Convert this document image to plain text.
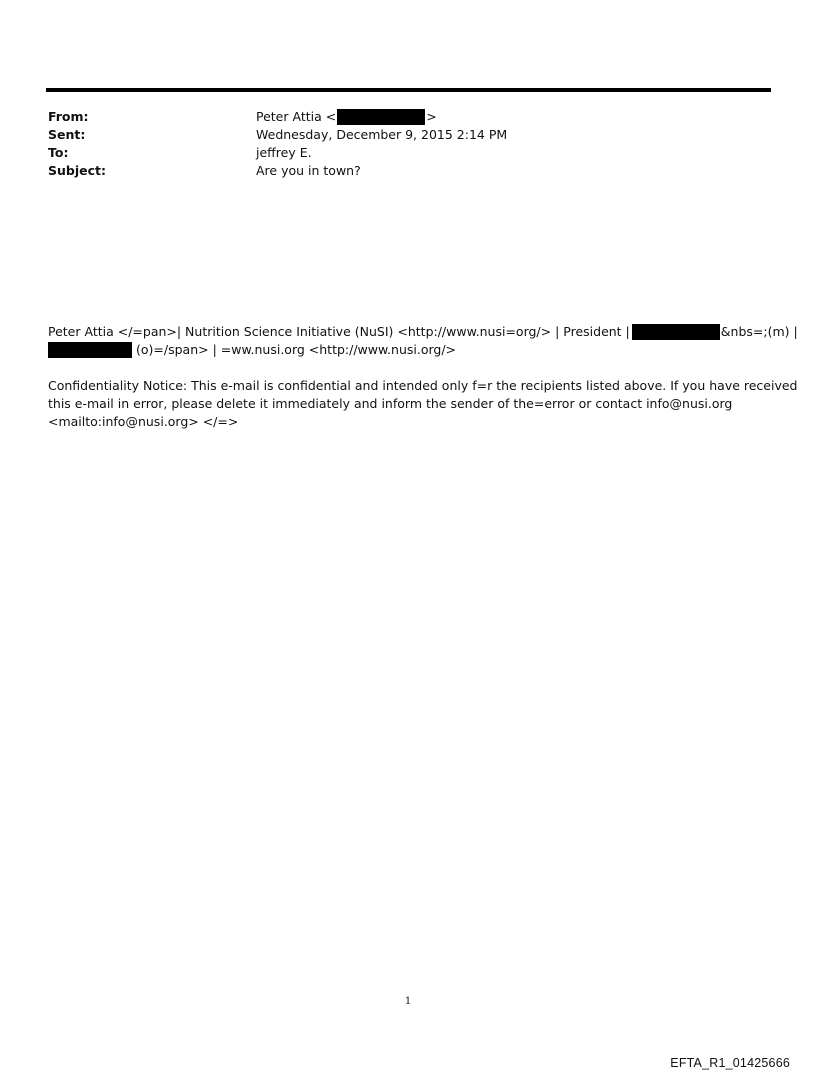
From:	Peter Attia <	>
Sent:	Wednesday, December 9, 2015 2:14 PM
To:	jeffrey E.
Subject:	Are you in town?
Peter Attia </=pan>| Nutrition Science Initiative (NuSI) <http://www.nusi=org/> | President |	&nbs=;(m) |
(o)=/span> | =ww.nusi.org <http://www.nusi.org/>
Confidentiality Notice: This e-mail is confidential and intended only f=r the recipients listed above. If you have received
this e-mail in error, please delete it immediately and inform the sender of the=error or contact info@nusi.org
<mailto:info@nusi.org> </=>
1
EFTA_R1_01425666
